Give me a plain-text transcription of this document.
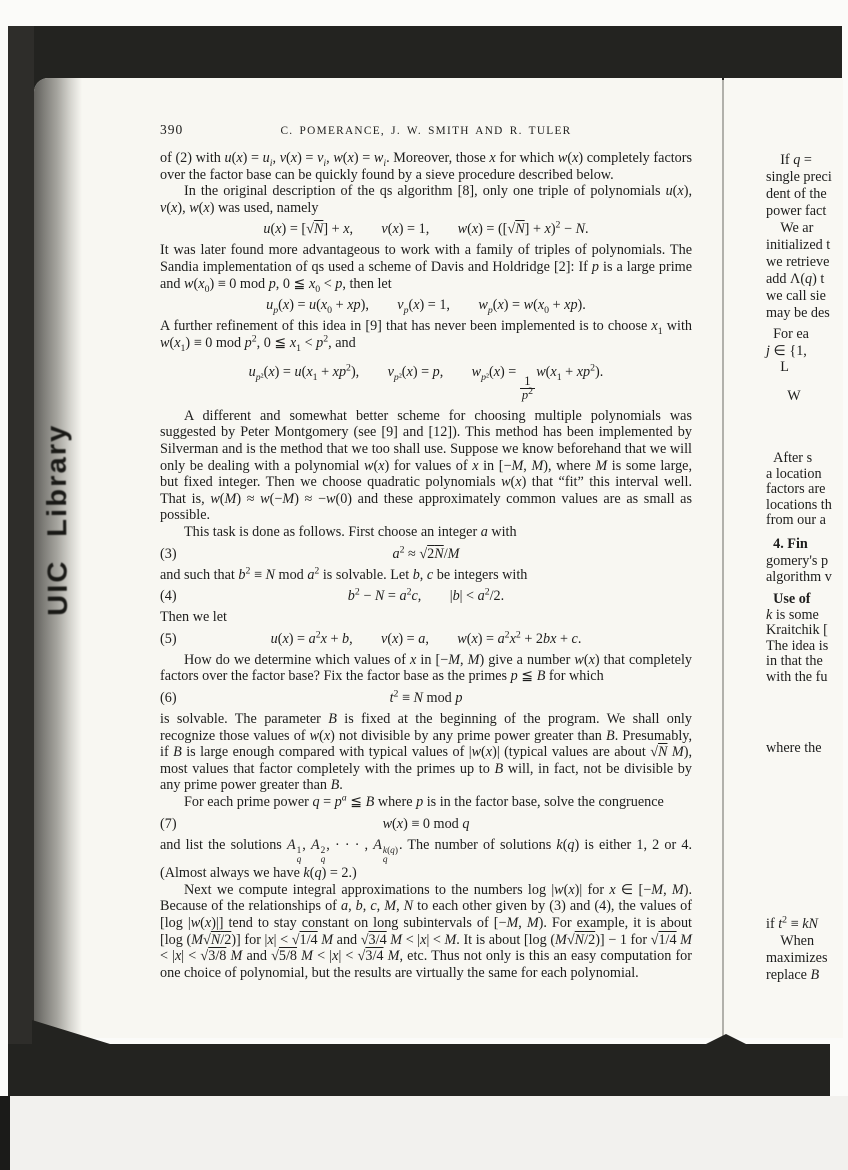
UIC Library
390	C. POMERANCE, J. W. SMITH AND R. TULER

of (2) with $u(x) = u_i$, $v(x) = v_i$, $w(x) = w_i$. Moreover, those x for which w(x) completely factors over the factor base can be quickly found by a sieve procedure described below.

In the original description of the qs algorithm [8], only one triple of polynomials u(x), v(x), w(x) was used, namely

u(x) = [√N] + x,  v(x) = 1,  $w(x) = ([√N] + x)^2 - N$.

It was later found more advantageous to work with a family of triples of polynomials. The Sandia implementation of qs used a scheme of Davis and Holdridge [2]: If p is a large prime and $w(x_0) \equiv 0$ mod p, 0 ≦ $x_0 < p$, then let

$u_p(x) = u(x_0 + xp)$,  $v_p(x) = 1$,  $w_p(x) = w(x_0 + xp)$.

A further refinement of this idea in [9] that has never been implemented is to choose $x_1$ with $w(x_1) \equiv 0$ mod $p^2$, 0 ≦ $x_1 < p^2$, and

$u_{p^2}(x) = u(x_1 + xp^2)$,  $v_{p^2}(x) = p$,  $w_{p^2}(x)$ =
$\frac{1}{p^2}$
 $w(x_1 + xp^2)$.

A different and somewhat better scheme for choosing multiple polynomials was suggested by Peter Montgomery (see [9] and [12]). This method has been implemented by Silverman and is the method that we too shall use. Suppose we know beforehand that we will only be dealing with a polynomial w(x) for values of x in [−M, M), where M is some large, but fixed integer. Then we choose quadratic polynomials w(x) that “fit” this interval well. That is, w(M) ≈ w(−M) ≈ −w(0) and these approximately common values are as small as possible.

This task is done as follows. First choose an integer a with

(3)	$a^2 \approx √2N/M$

and such that $b^2 \equiv N$ mod $a^2$ is solvable. Let b, c be integers with

(4)	$b^2 - N = a^2c$,  $|b| < a^2/2$.

Then we let

(5)	$u(x) = a^2x + b$,  v(x) = a,  $w(x) = a^2x^2 + 2bx + c$.

How do we determine which values of x in [−M, M) give a number w(x) that completely factors over the factor base? Fix the factor base as the primes p ≦ B for which

(6)	$t^2 \equiv N$ mod p

is solvable. The parameter B is fixed at the beginning of the program. We shall only recognize those values of w(x) not divisible by any prime power greater than B. Presumably, if B is large enough compared with typical values of |w(x)| (typical values are about √N M), most values that factor completely with the primes up to B will, in fact, not be divisible by any prime power greater than B.

For each prime power $q = p^a$ ≦ B where p is in the factor base, solve the congruence

(7)	w(x) ≡ 0 mod q

and list the solutions A 1
q
, A 2
q
, · · · , A k(q)
q
. The number of solutions k(q) is either 1, 2 or 4. (Almost always we have k(q) = 2.)

Next we compute integral approximations to the numbers log |w(x)| for x ∈ [−M, M). Because of the relationships of a, b, c, M, N to each other given by (3) and (4), the values of [log |w(x)|] tend to stay constant on long subintervals of [−M, M). For example, it is about [log (M√N/2)] for |x| < √1/4 M and √3/4 M < |x| < M. It is about [log (M√N/2)] − 1 for √1/4 M < |x| < √3/8 M and √5/8 M < |x| < √3/4 M, etc. Thus not only is this an easy computation for one choice of polynomial, but the results are virtually the same for each polynomial.

 If q =
single preci
dent of the
power fact
 We ar
initialized t
we retrieve
add Λ(q) t
we call sie
may be des
 For ea
j ∈ {1,
 L
  W
 After s
a location
factors are
locations th
from our a
 4. Fin
gomery's p
algorithm v
 Use of
k is some
Kraitchik [
The idea is
in that the
with the fu
where the
if $t^2$ ≡ kN
 When
maximizes
replace B
